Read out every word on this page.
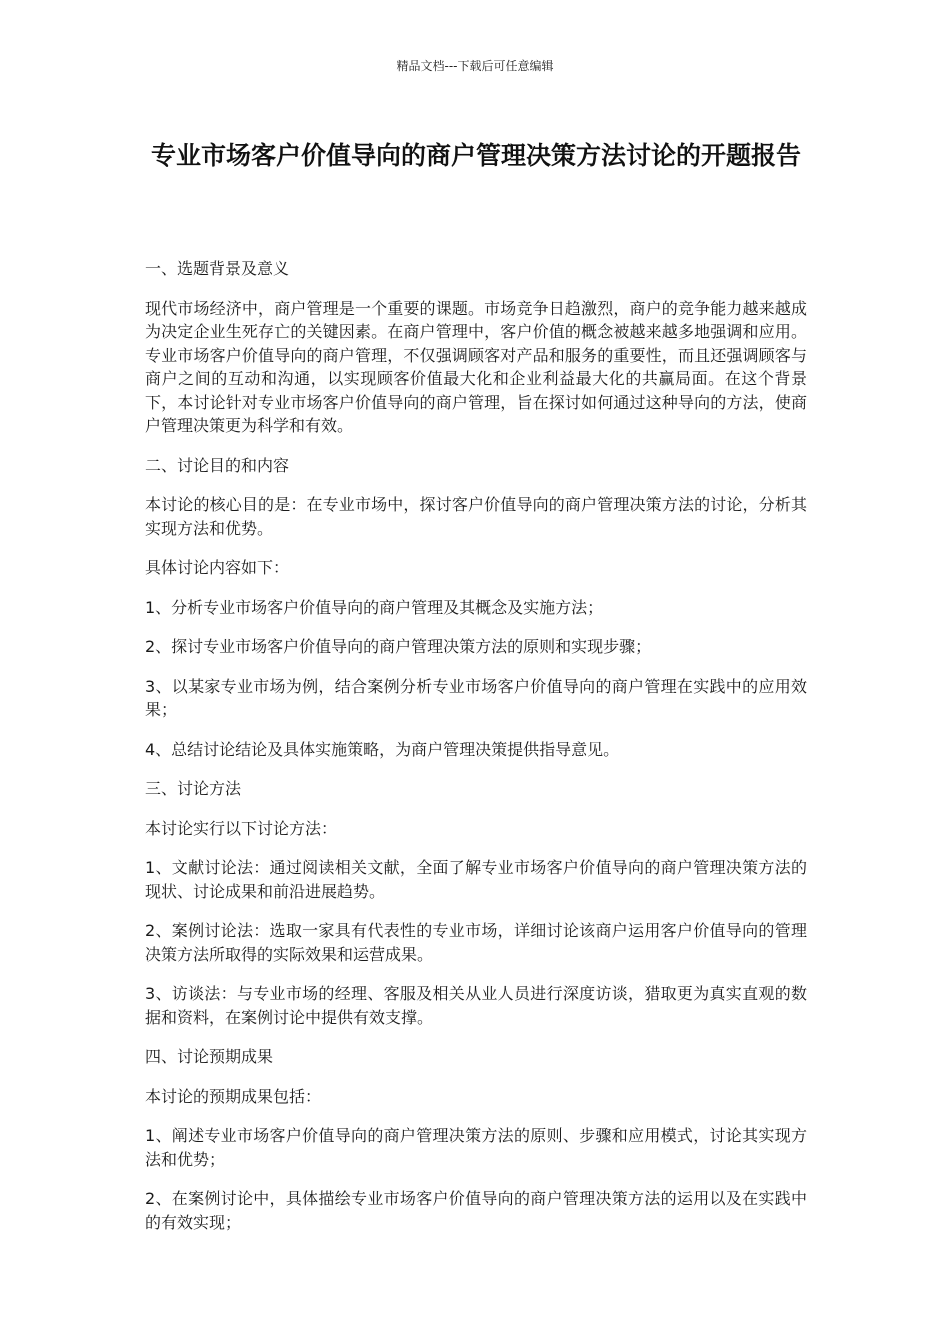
精品文档---下载后可任意编辑
专业市场客户价值导向的商户管理决策方法讨论的开题报告

一、选题背景及意义

现代市场经济中，商户管理是一个重要的课题。市场竞争日趋激烈，商户的竞争能力越来越成为决定企业生死存亡的关键因素。在商户管理中，客户价值的概念被越来越多地强调和应用。专业市场客户价值导向的商户管理，不仅强调顾客对产品和服务的重要性，而且还强调顾客与商户之间的互动和沟通，以实现顾客价值最大化和企业利益最大化的共赢局面。在这个背景下，本讨论针对专业市场客户价值导向的商户管理，旨在探讨如何通过这种导向的方法，使商户管理决策更为科学和有效。

二、讨论目的和内容

本讨论的核心目的是：在专业市场中，探讨客户价值导向的商户管理决策方法的讨论，分析其实现方法和优势。

具体讨论内容如下：

1、分析专业市场客户价值导向的商户管理及其概念及实施方法；

2、探讨专业市场客户价值导向的商户管理决策方法的原则和实现步骤；

3、以某家专业市场为例，结合案例分析专业市场客户价值导向的商户管理在实践中的应用效果；

4、总结讨论结论及具体实施策略，为商户管理决策提供指导意见。

三、讨论方法

本讨论实行以下讨论方法：

1、文献讨论法：通过阅读相关文献，全面了解专业市场客户价值导向的商户管理决策方法的现状、讨论成果和前沿进展趋势。

2、案例讨论法：选取一家具有代表性的专业市场，详细讨论该商户运用客户价值导向的管理决策方法所取得的实际效果和运营成果。

3、访谈法：与专业市场的经理、客服及相关从业人员进行深度访谈，猎取更为真实直观的数据和资料，在案例讨论中提供有效支撑。

四、讨论预期成果

本讨论的预期成果包括：

1、阐述专业市场客户价值导向的商户管理决策方法的原则、步骤和应用模式，讨论其实现方法和优势；

2、在案例讨论中，具体描绘专业市场客户价值导向的商户管理决策方法的运用以及在实践中的有效实现；
